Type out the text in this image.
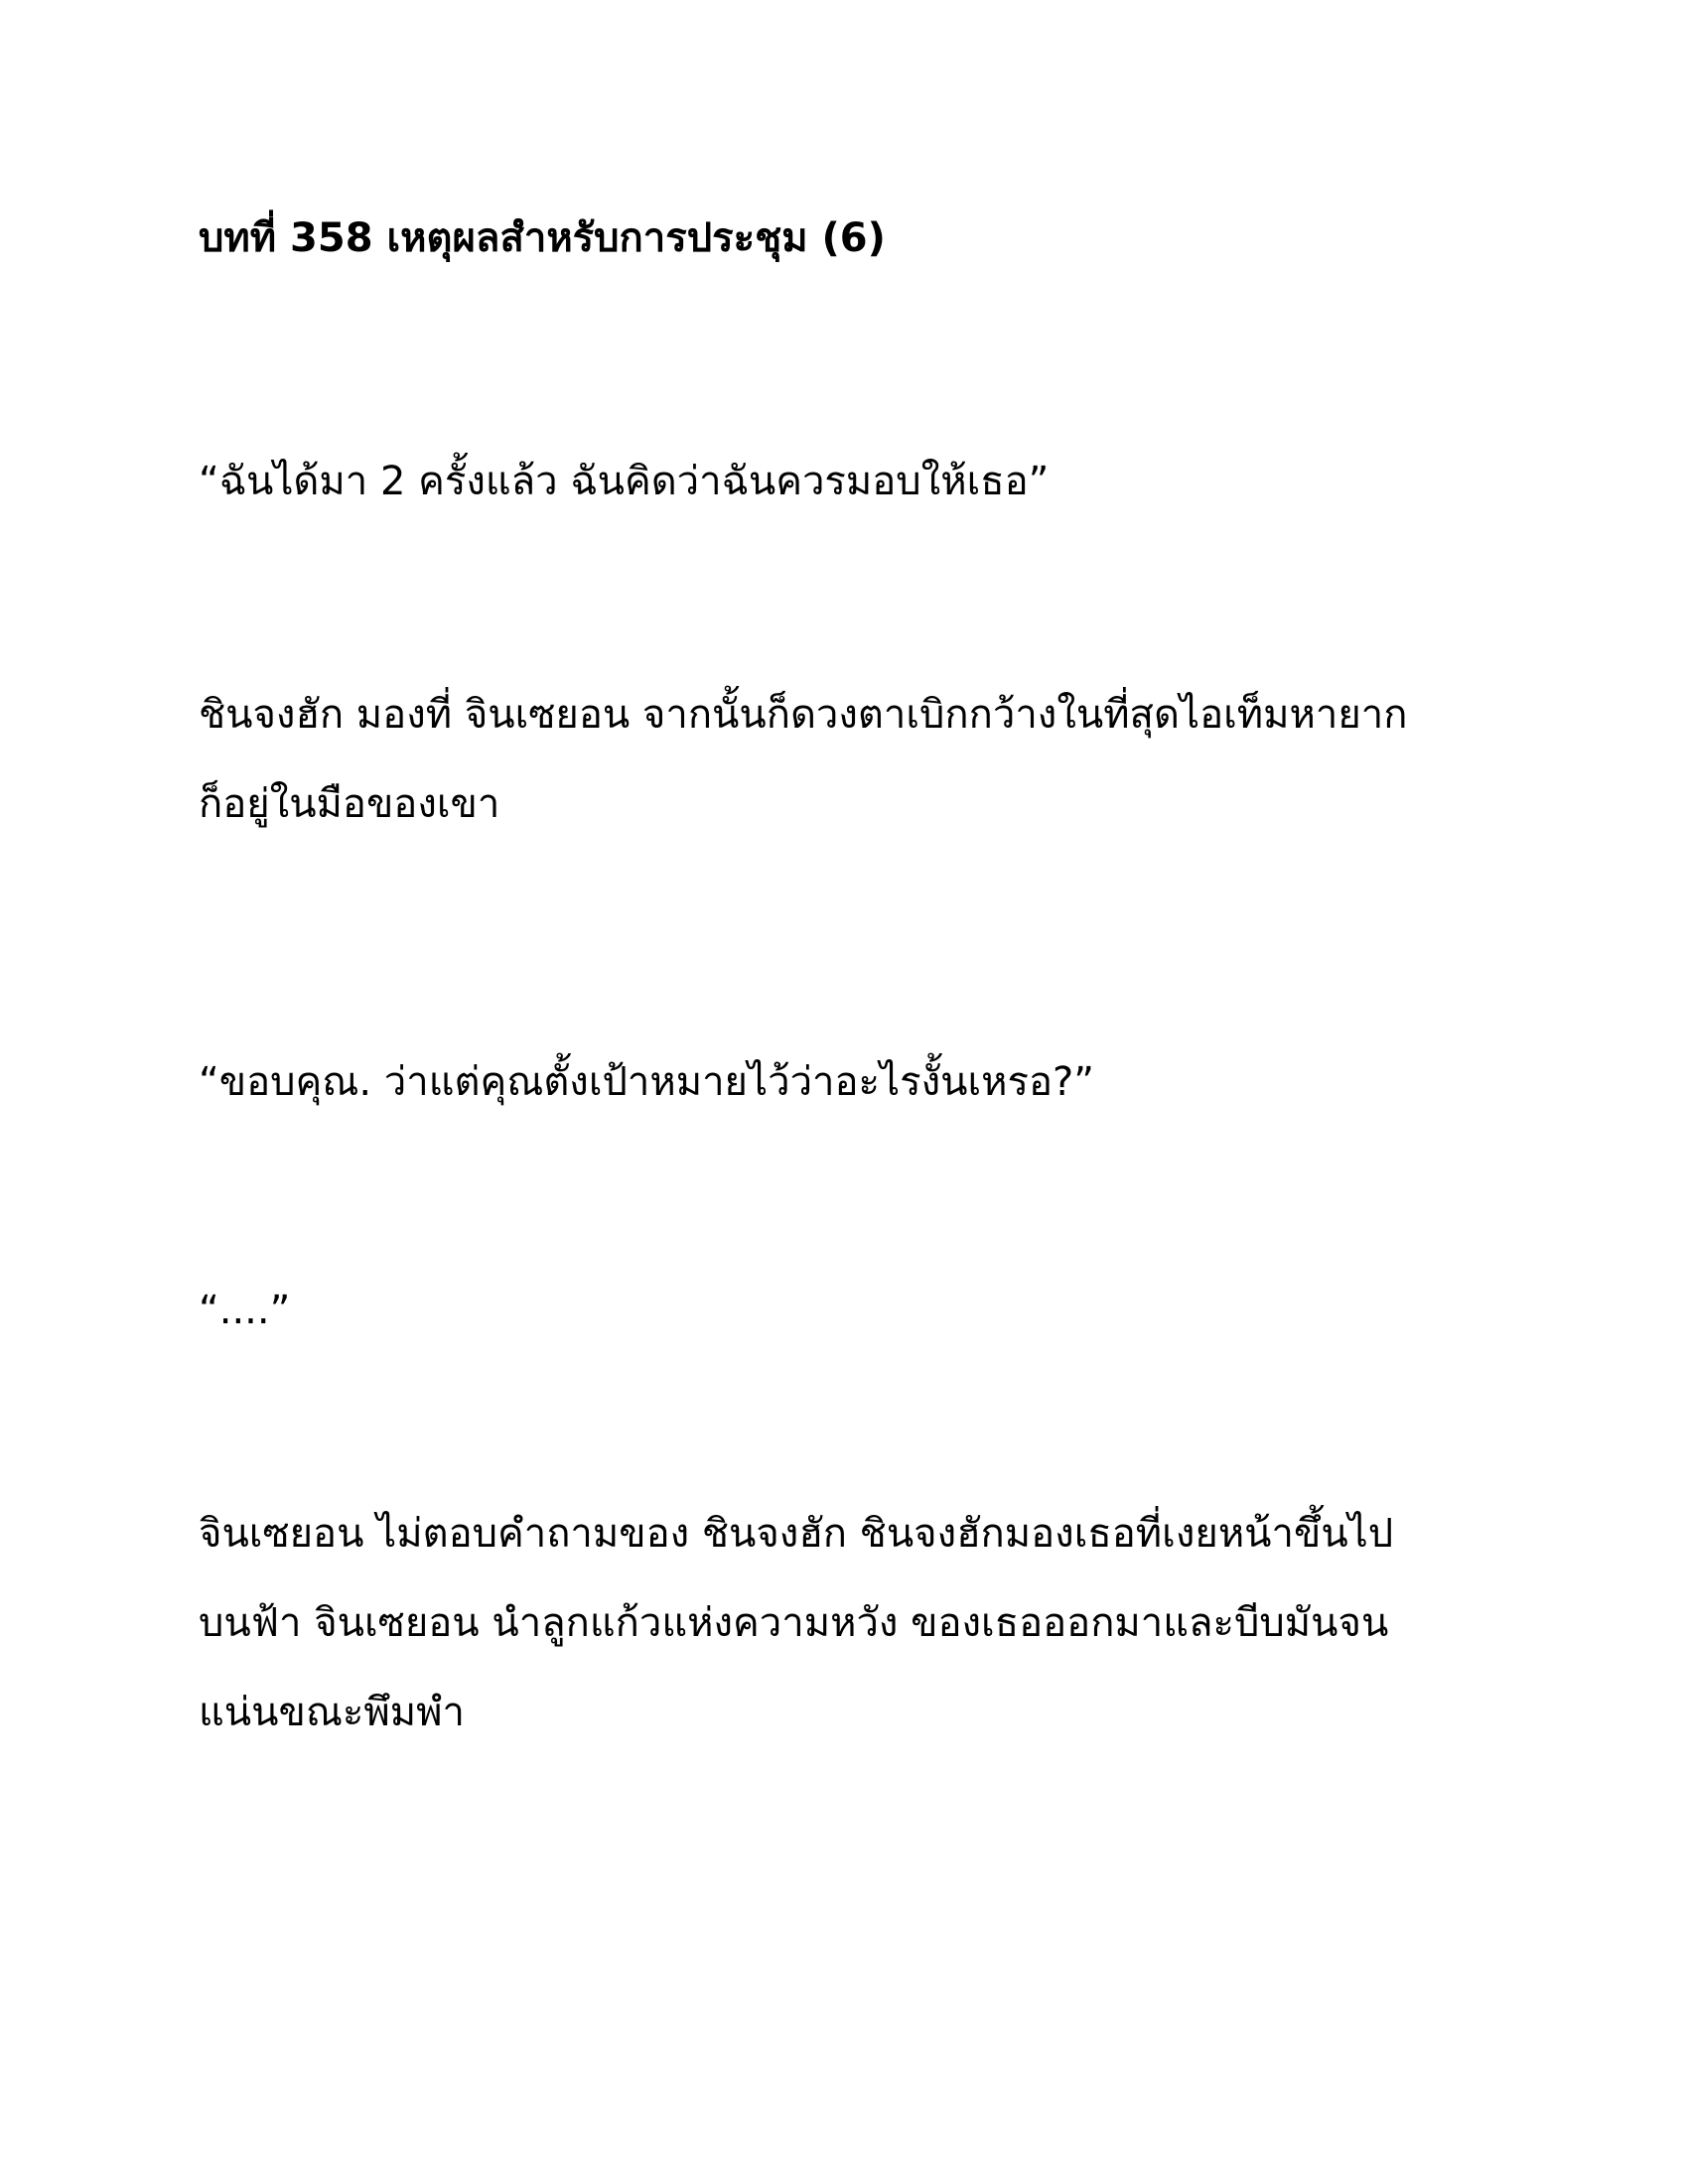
บทที่ 358 เหตุผลสำหรับการประชุม (6)
“ฉันได้มา 2 ครั้งแล้ว ฉันคิดว่าฉันควรมอบให้เธอ”
ชินจงฮัก มองที่ จินเซยอน จากนั้นก็ดวงตาเบิกกว้างในที่สุดไอเท็มหายาก
ก็อยู่ในมือของเขา
“ขอบคุณ. ว่าแต่คุณตั้งเป้าหมายไว้ว่าอะไรงั้นเหรอ?”
“....”
จินเซยอน ไม่ตอบคำถามของ ชินจงฮัก ชินจงฮักมองเธอที่เงยหน้าขึ้นไป
บนฟ้า จินเซยอน นำลูกแก้วแห่งความหวัง ของเธอออกมาและบีบมันจน
แน่นขณะพึมพำ
